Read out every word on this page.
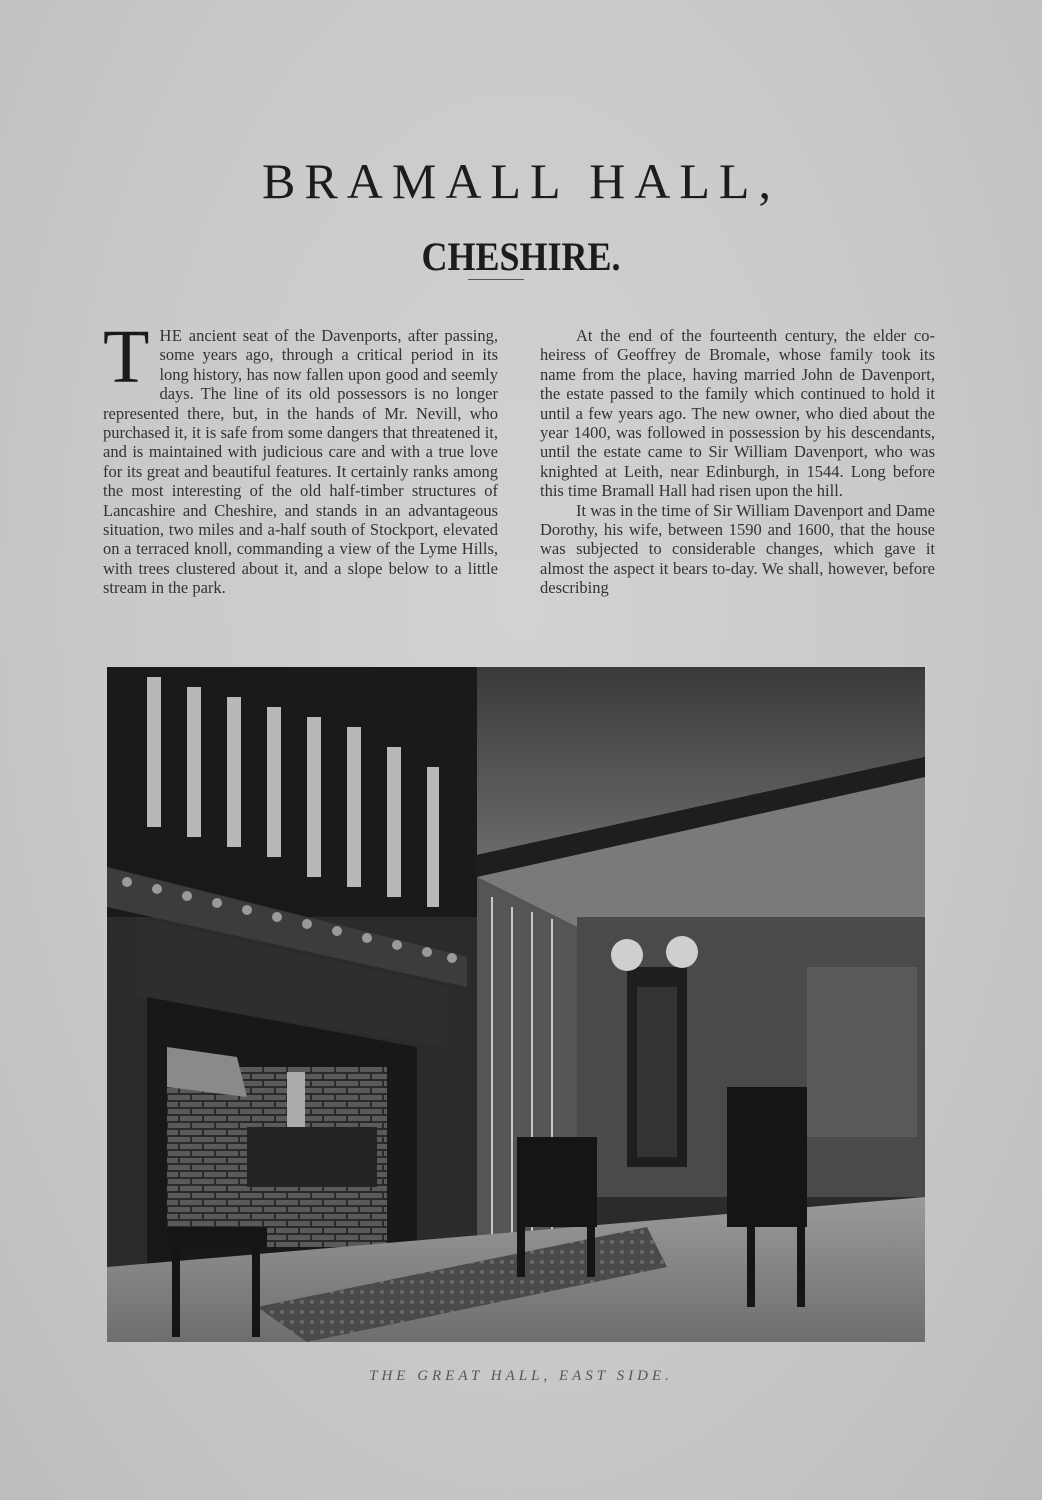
BRAMALL HALL,
CHESHIRE.

THE ancient seat of the Davenports, after passing, some years ago, through a critical period in its long history, has now fallen upon good and seemly days. The line of its old possessors is no longer represented there, but, in the hands of Mr. Nevill, who purchased it, it is safe from some dangers that threatened it, and is maintained with judicious care and with a true love for its great and beautiful features. It certainly ranks among the most interesting of the old half-timber structures of Lancashire and Cheshire, and stands in an advantageous situation, two miles and a-half south of Stockport, elevated on a terraced knoll, commanding a view of the Lyme Hills, with trees clustered about it, and a slope below to a little stream in the park.

At the end of the fourteenth century, the elder co-heiress of Geoffrey de Bromale, whose family took its name from the place, having married John de Davenport, the estate passed to the family which continued to hold it until a few years ago. The new owner, who died about the year 1400, was followed in possession by his descendants, until the estate came to Sir William Davenport, who was knighted at Leith, near Edinburgh, in 1544. Long before this time Bramall Hall had risen upon the hill.

It was in the time of Sir William Davenport and Dame Dorothy, his wife, between 1590 and 1600, that the house was subjected to considerable changes, which gave it almost the aspect it bears to-day. We shall, however, before describing

THE GREAT HALL, EAST SIDE.
